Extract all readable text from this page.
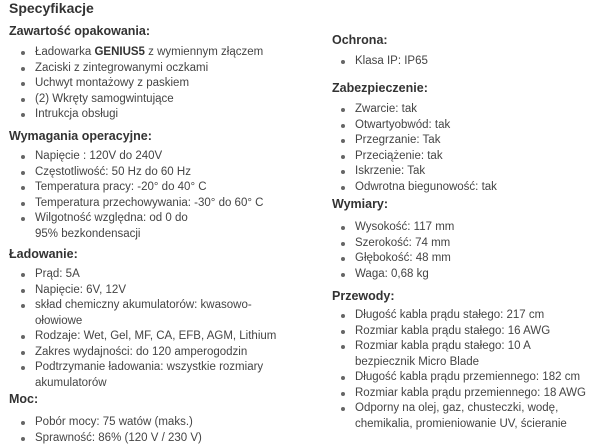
Specyfikacje
Zawartość opakowania:
Ładowarka GENIUS5 z wymiennym złączem
Zaciski z zintegrowanymi oczkami
Uchwyt montażowy z paskiem
(2) Wkręty samogwintujące
Intrukcja obsługi
Wymagania operacyjne:
Napięcie : 120V do 240V
Częstotliwość: 50 Hz do 60 Hz
Temperatura pracy: -20° do 40° C
Temperatura przechowywania: -30° do 60° C
Wilgotność względna: od 0 do 95% bezkondensacji
Ładowanie:
Prąd: 5A
Napięcie: 6V, 12V
skład chemiczny akumulatorów: kwasowo-ołowiowe
Rodzaje: Wet, Gel, MF, CA, EFB, AGM, Lithium
Zakres wydajności: do 120 amperogodzin
Podtrzymanie ładowania: wszystkie rozmiary akumulatorów
Moc:
Pobór mocy: 75 watów (maks.)
Sprawność: 86% (120 V / 230 V)
Ochrona:
Klasa IP: IP65
Zabezpieczenie:
Zwarcie: tak
Otwartyobwód: tak
Przegrzanie: Tak
Przeciążenie: tak
Iskrzenie: Tak
Odwrotna biegunowość: tak
Wymiary:
Wysokość: 117 mm
Szerokość: 74 mm
Głębokość: 48 mm
Waga: 0,68 kg
Przewody:
Długość kabla prądu stałego: 217 cm
Rozmiar kabla prądu stałego: 16 AWG
Rozmiar kabla prądu stałego: 10 A bezpiecznik Micro Blade
Długość kabla prądu przemiennego: 182 cm
Rozmiar kabla prądu przemiennego: 18 AWG
Odporny na olej, gaz, chusteczki, wodę, chemikalia, promieniowanie UV, ścieranie
